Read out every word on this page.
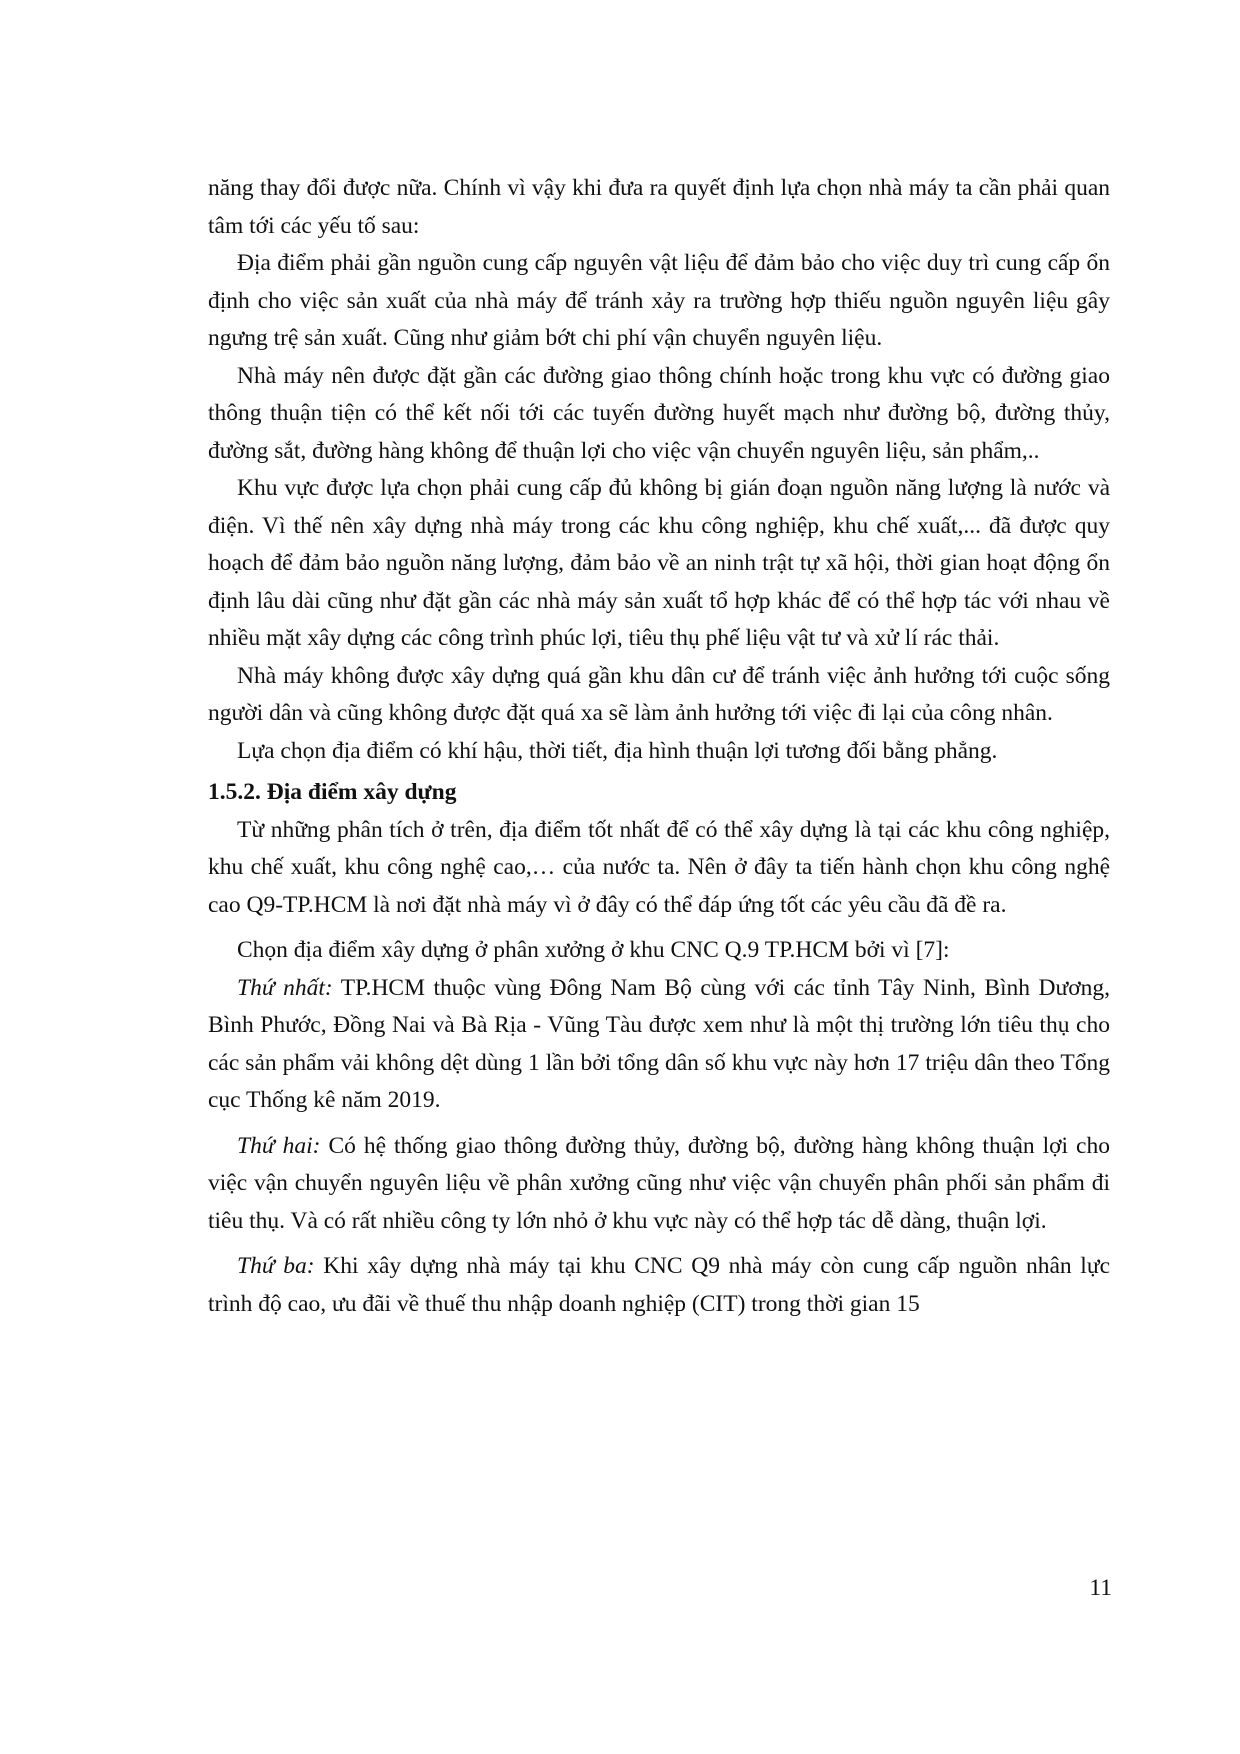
năng thay đổi được nữa. Chính vì vậy khi đưa ra quyết định lựa chọn nhà máy ta cần phải quan tâm tới các yếu tố sau:

Địa điểm phải gần nguồn cung cấp nguyên vật liệu để đảm bảo cho việc duy trì cung cấp ổn định cho việc sản xuất của nhà máy để tránh xảy ra trường hợp thiếu nguồn nguyên liệu gây ngưng trệ sản xuất. Cũng như giảm bớt chi phí vận chuyển nguyên liệu.

Nhà máy nên được đặt gần các đường giao thông chính hoặc trong khu vực có đường giao thông thuận tiện có thể kết nối tới các tuyến đường huyết mạch như đường bộ, đường thủy, đường sắt, đường hàng không để thuận lợi cho việc vận chuyển nguyên liệu, sản phẩm,..

Khu vực được lựa chọn phải cung cấp đủ không bị gián đoạn nguồn năng lượng là nước và điện. Vì thế nên xây dựng nhà máy trong các khu công nghiệp, khu chế xuất,... đã được quy hoạch để đảm bảo nguồn năng lượng, đảm bảo về an ninh trật tự xã hội, thời gian hoạt động ổn định lâu dài cũng như đặt gần các nhà máy sản xuất tổ hợp khác để có thể hợp tác với nhau về nhiều mặt xây dựng các công trình phúc lợi, tiêu thụ phế liệu vật tư và xử lí rác thải.

Nhà máy không được xây dựng quá gần khu dân cư để tránh việc ảnh hưởng tới cuộc sống người dân và cũng không được đặt quá xa sẽ làm ảnh hưởng tới việc đi lại của công nhân.

Lựa chọn địa điểm có khí hậu, thời tiết, địa hình thuận lợi tương đối bằng phẳng.

1.5.2. Địa điểm xây dựng

Từ những phân tích ở trên, địa điểm tốt nhất để có thể xây dựng là tại các khu công nghiệp, khu chế xuất, khu công nghệ cao,… của nước ta. Nên ở đây ta tiến hành chọn khu công nghệ cao Q9-TP.HCM là nơi đặt nhà máy vì ở đây có thể đáp ứng tốt các yêu cầu đã đề ra.

Chọn địa điểm xây dựng ở phân xưởng ở khu CNC Q.9 TP.HCM bởi vì [7]:

Thứ nhất: TP.HCM thuộc vùng Đông Nam Bộ cùng với các tỉnh Tây Ninh, Bình Dương, Bình Phước, Đồng Nai và Bà Rịa - Vũng Tàu được xem như là một thị trường lớn tiêu thụ cho các sản phẩm vải không dệt dùng 1 lần bởi tổng dân số khu vực này hơn 17 triệu dân theo Tổng cục Thống kê năm 2019.

Thứ hai: Có hệ thống giao thông đường thủy, đường bộ, đường hàng không thuận lợi cho việc vận chuyển nguyên liệu về phân xưởng cũng như việc vận chuyển phân phối sản phẩm đi tiêu thụ. Và có rất nhiều công ty lớn nhỏ ở khu vực này có thể hợp tác dễ dàng, thuận lợi.

Thứ ba: Khi xây dựng nhà máy tại khu CNC Q9 nhà máy còn cung cấp nguồn nhân lực trình độ cao, ưu đãi về thuế thu nhập doanh nghiệp (CIT) trong thời gian 15

11
